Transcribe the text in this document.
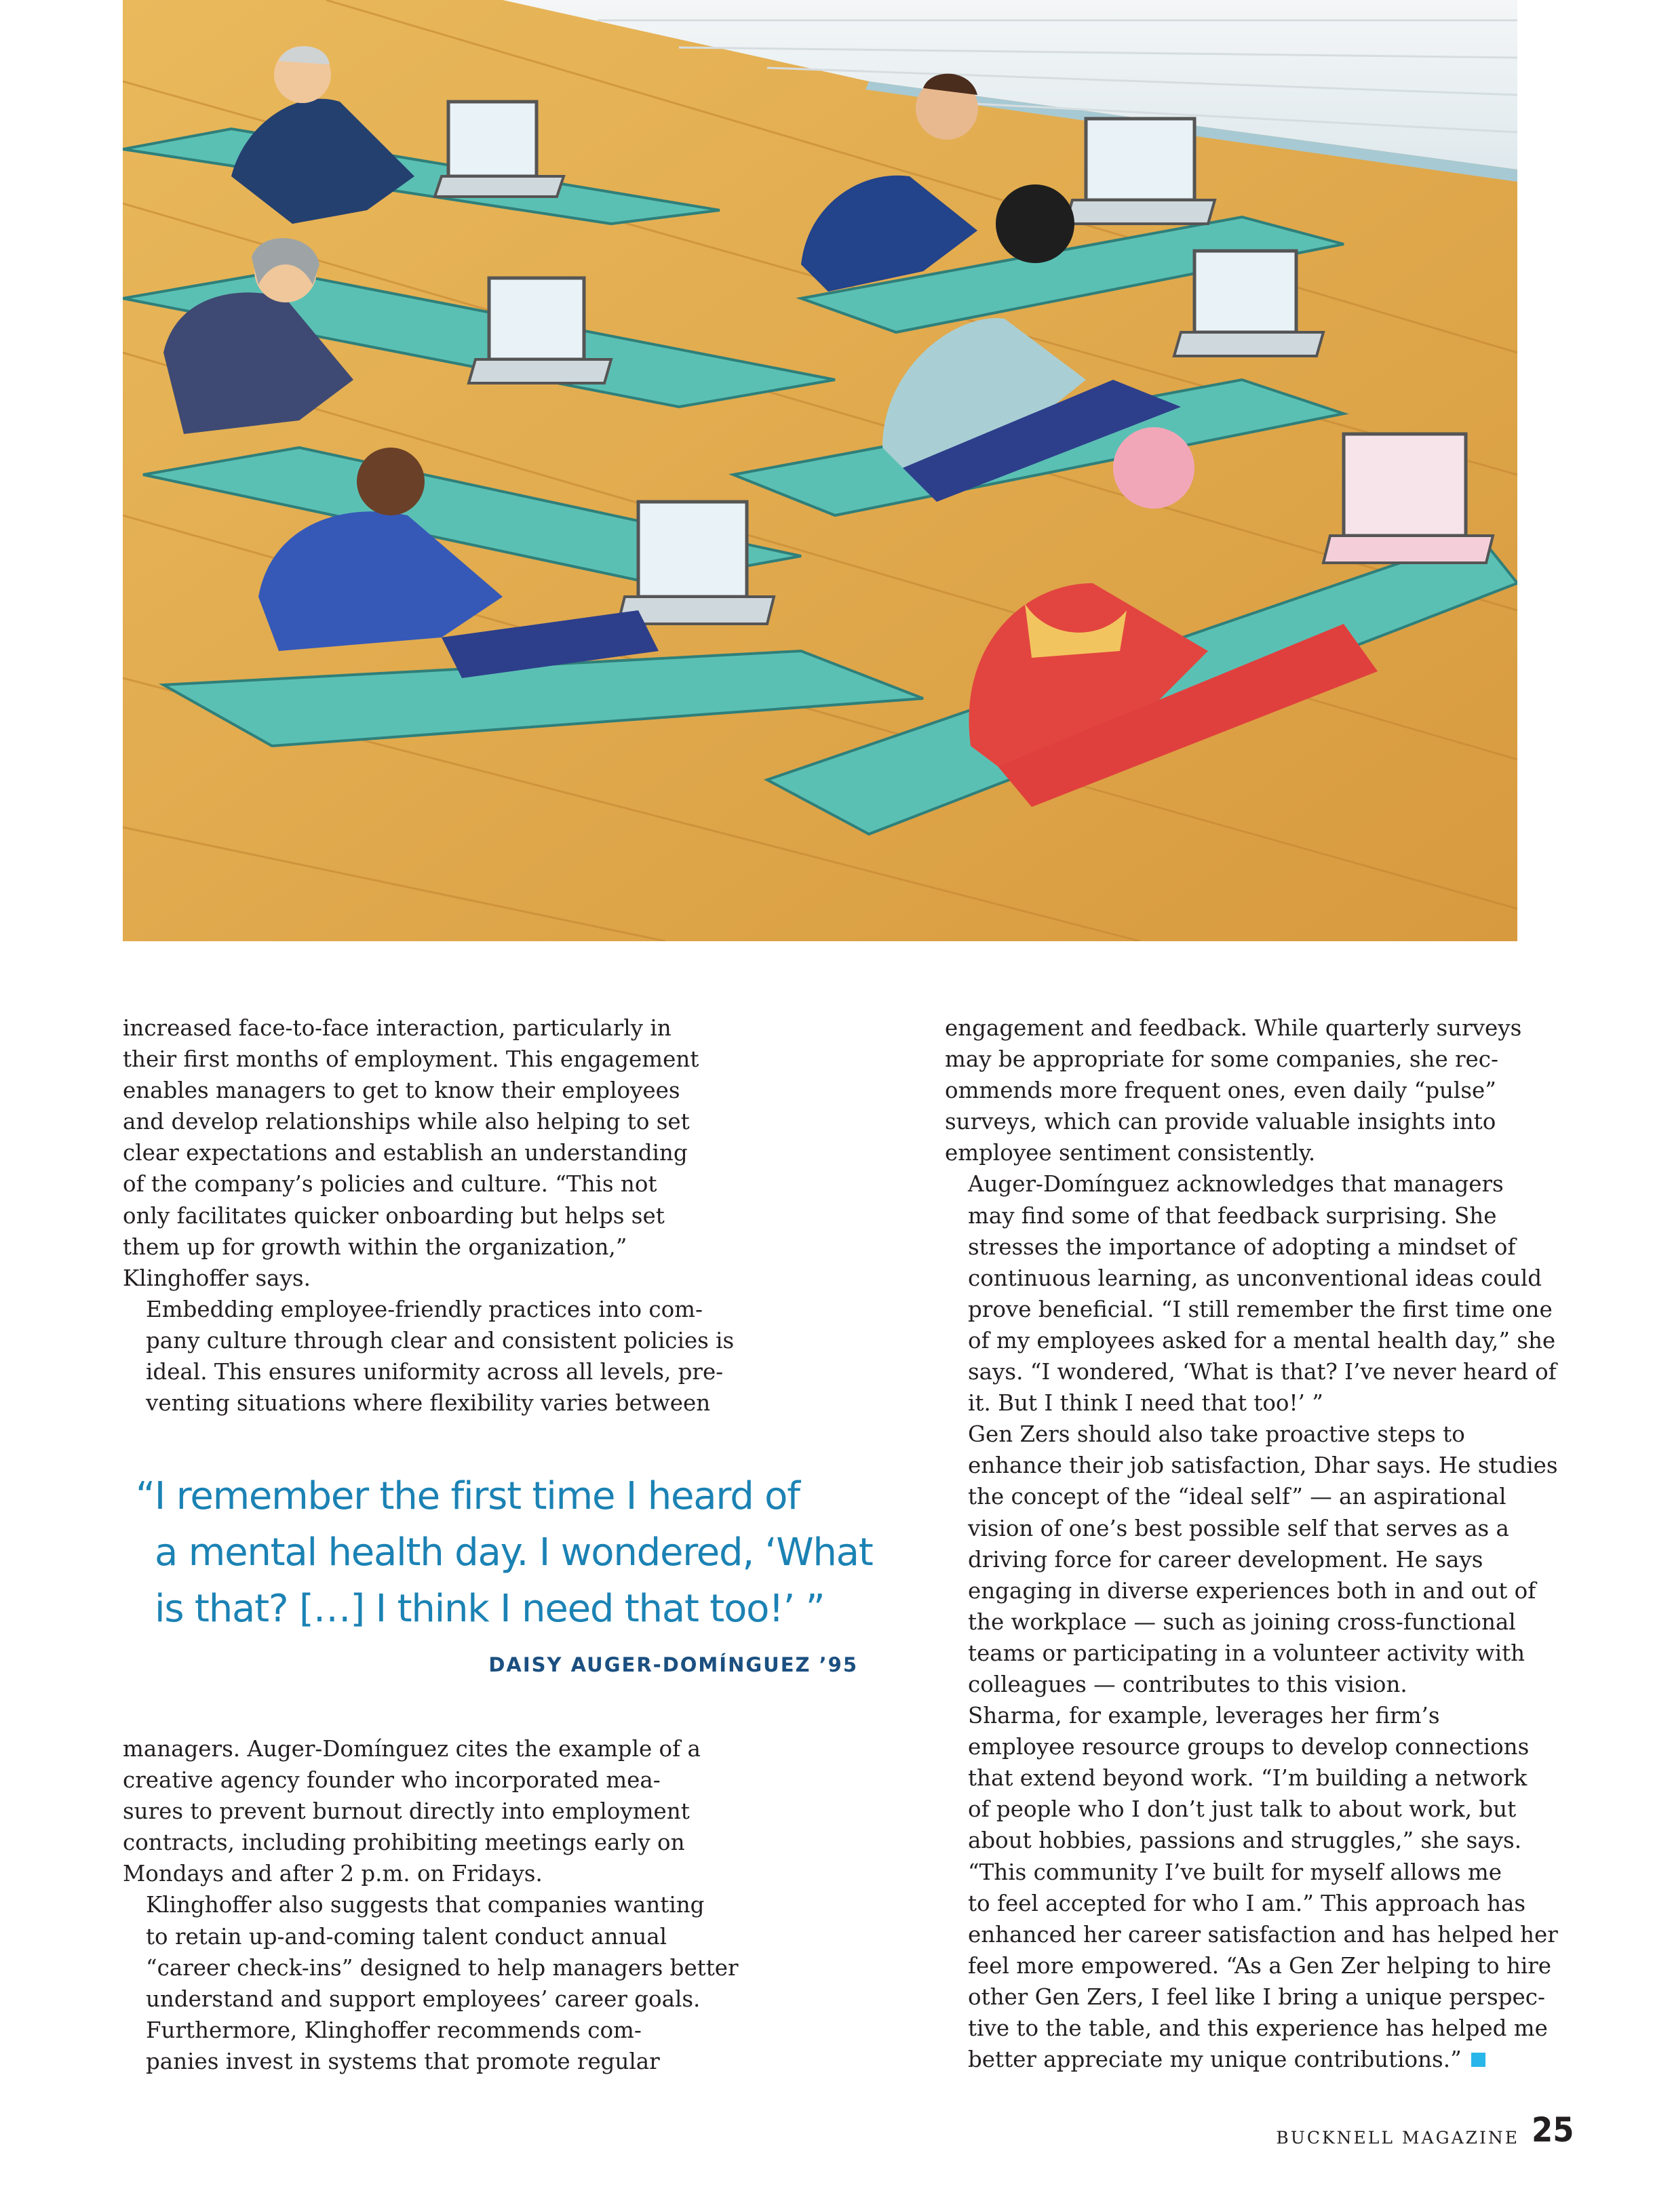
increased face-to-face interaction, particularly in
their first months of employment. This engagement
enables managers to get to know their employees
and develop relationships while also helping to set
clear expectations and establish an understanding
of the company’s policies and culture. “This not
only facilitates quicker onboarding but helps set
them up for growth within the organization,”
Klinghoffer says.

Embedding employee-friendly practices into com-
pany culture through clear and consistent policies is
ideal. This ensures uniformity across all levels, pre-
venting situations where flexibility varies between

“I remember the first time I heard of
a mental health day. I wondered, ‘What
is that? […] I think I need that too!’ ”
DAISY AUGER-DOMÍNGUEZ ’95

managers. Auger-Domínguez cites the example of a
creative agency founder who incorporated mea-
sures to prevent burnout directly into employment
contracts, including prohibiting meetings early on
Mondays and after 2 p.m. on Fridays.

Klinghoffer also suggests that companies wanting
to retain up-and-coming talent conduct annual
“career check-ins” designed to help managers better
understand and support employees’ career goals.

Furthermore, Klinghoffer recommends com-
panies invest in systems that promote regular

engagement and feedback. While quarterly surveys
may be appropriate for some companies, she rec-
ommends more frequent ones, even daily “pulse”
surveys, which can provide valuable insights into
employee sentiment consistently.

Auger-Domínguez acknowledges that managers
may find some of that feedback surprising. She
stresses the importance of adopting a mindset of
continuous learning, as unconventional ideas could
prove beneficial. “I still remember the first time one
of my employees asked for a mental health day,” she
says. “I wondered, ‘What is that? I’ve never heard of
it. But I think I need that too!’ ”

Gen Zers should also take proactive steps to
enhance their job satisfaction, Dhar says. He studies
the concept of the “ideal self” — an aspirational
vision of one’s best possible self that serves as a
driving force for career development. He says
engaging in diverse experiences both in and out of
the workplace — such as joining cross-functional
teams or participating in a volunteer activity with
colleagues — contributes to this vision.

Sharma, for example, leverages her firm’s
employee resource groups to develop connections
that extend beyond work. “I’m building a network
of people who I don’t just talk to about work, but
about hobbies, passions and struggles,” she says.
“This community I’ve built for myself allows me
to feel accepted for who I am.” This approach has
enhanced her career satisfaction and has helped her
feel more empowered. “As a Gen Zer helping to hire
other Gen Zers, I feel like I bring a unique perspec-
tive to the table, and this experience has helped me
better appreciate my unique contributions.”

BUCKNELL MAGAZINE 25
